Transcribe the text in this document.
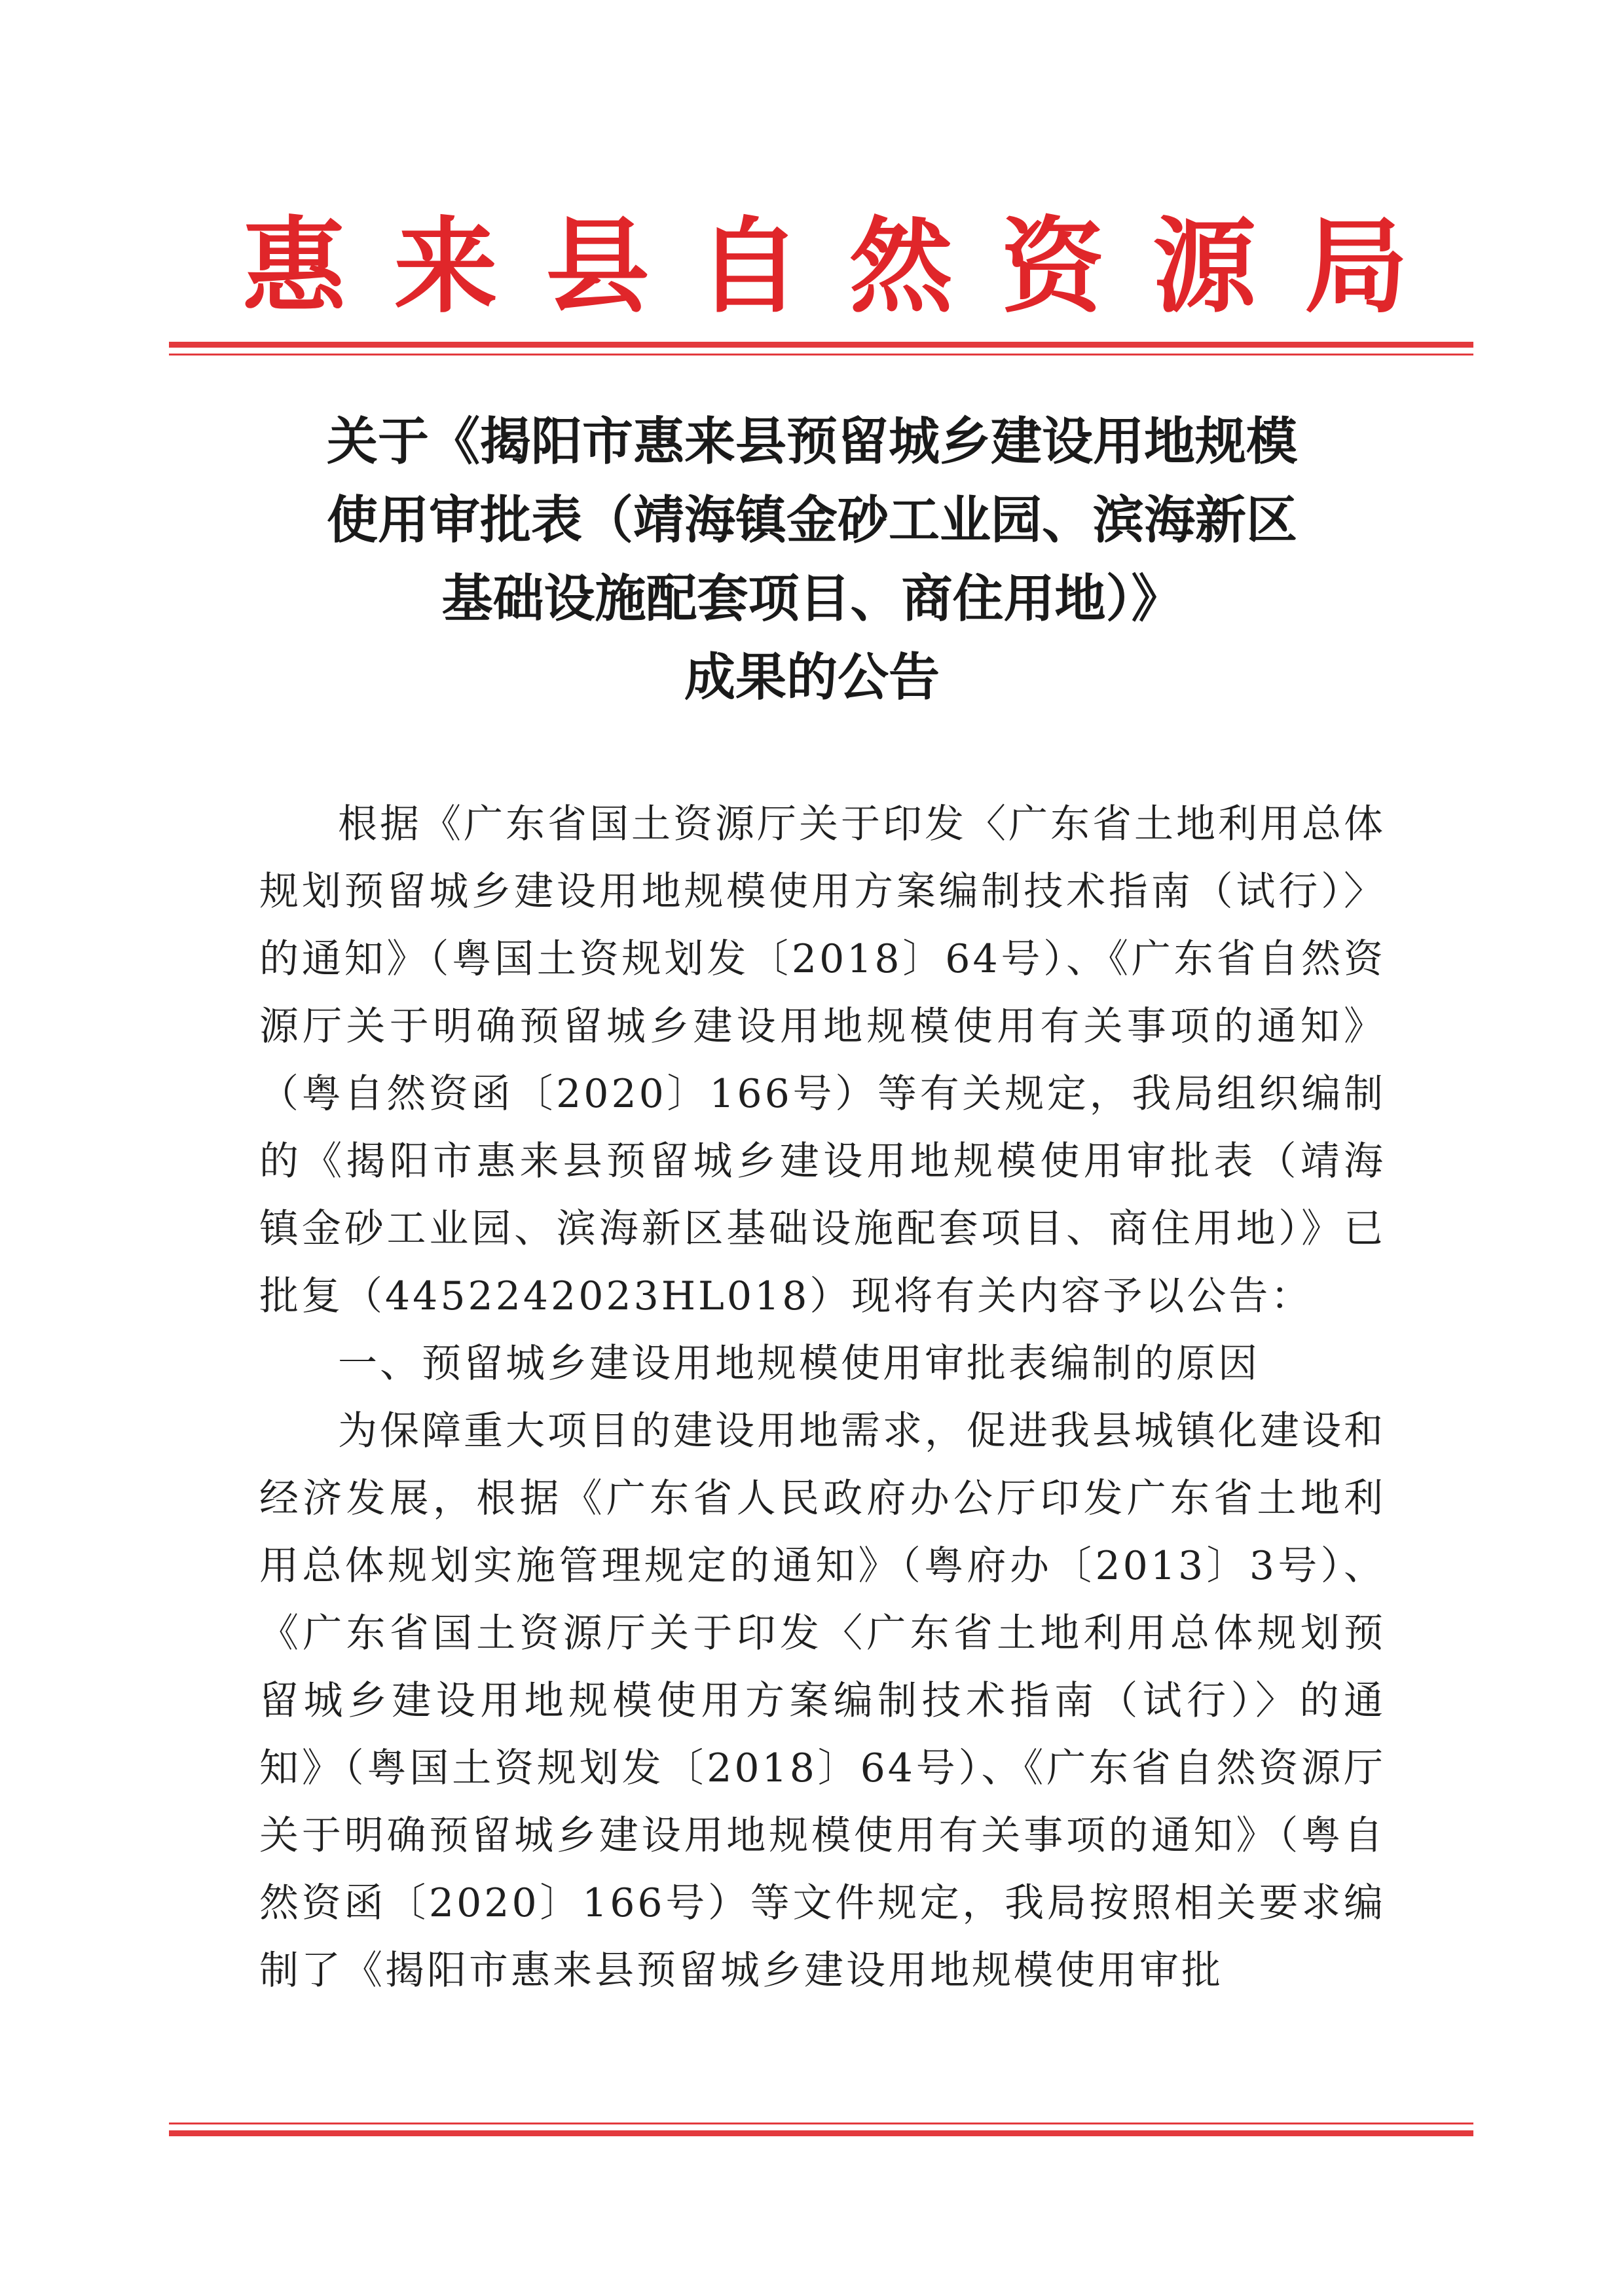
惠 来 县 自 然 资 源 局
关于《揭阳市惠来县预留城乡建设用地规模
使用审批表（靖海镇金砂工业园、滨海新区
基础设施配套项目、商住用地）》
成果的公告

根据《广东省国土资源厅关于印发〈广东省土地利用总体规划预留城乡建设用地规模使用方案编制技术指南（试行）〉的通知》（粤国土资规划发〔2018〕64号）、《广东省自然资源厅关于明确预留城乡建设用地规模使用有关事项的通知》（粤自然资函〔2020〕166号）等有关规定，我局组织编制的《揭阳市惠来县预留城乡建设用地规模使用审批表（靖海镇金砂工业园、滨海新区基础设施配套项目、商住用地）》已批复（4452242023HL018）现将有关内容予以公告：

一、预留城乡建设用地规模使用审批表编制的原因

为保障重大项目的建设用地需求，促进我县城镇化建设和经济发展，根据《广东省人民政府办公厅印发广东省土地利用总体规划实施管理规定的通知》（粤府办〔2013〕3号）、《广东省国土资源厅关于印发〈广东省土地利用总体规划预留城乡建设用地规模使用方案编制技术指南（试行）〉的通知》（粤国土资规划发〔2018〕64号）、《广东省自然资源厅关于明确预留城乡建设用地规模使用有关事项的通知》（粤自然资函〔2020〕166号）等文件规定，我局按照相关要求编制了《揭阳市惠来县预留城乡建设用地规模使用审批
